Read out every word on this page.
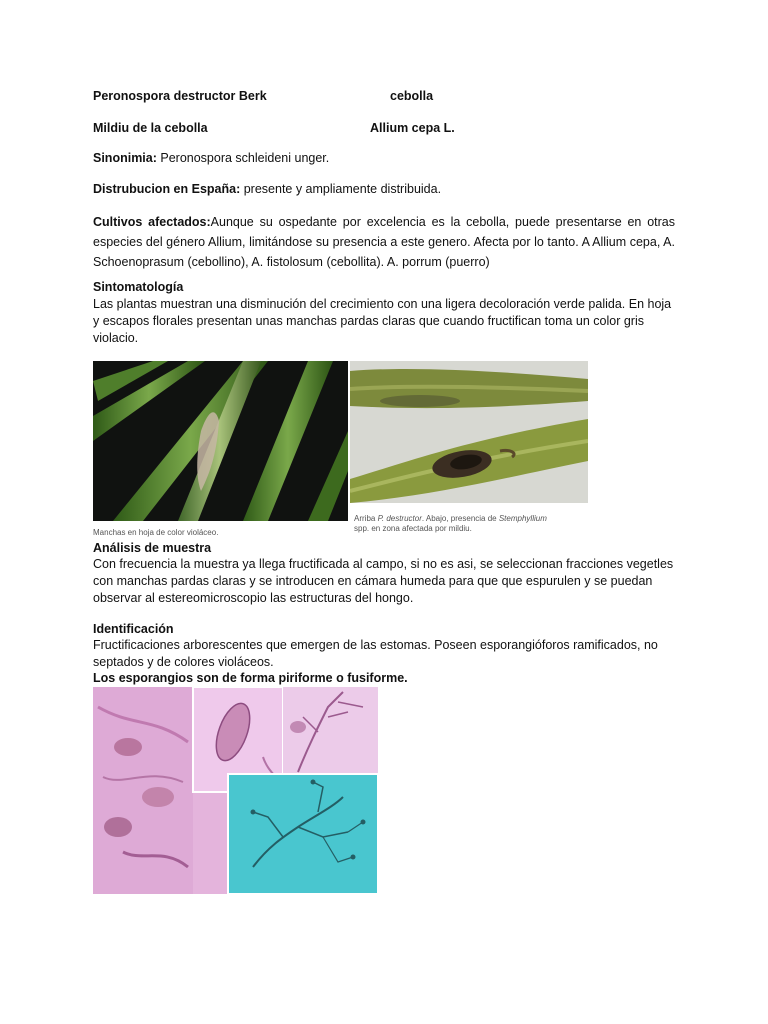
Peronospora destructor Berk	cebolla
Mildiu de la cebolla	Allium cepa L.
Sinonimia: Peronospora schleideni unger.
Distrubucion en España: presente y ampliamente distribuida.
Cultivos afectados:Aunque su ospedante por excelencia es la cebolla, puede presentarse en otras especies del género Allium, limitándose su presencia a este genero. Afecta por lo tanto. A Allium cepa, A. Schoenoprasum (cebollino), A. fistolosum (cebollita). A. porrum (puerro)
Sintomatología
Las plantas muestran una disminución del crecimiento con una ligera decoloración verde palida. En hoja y escapos florales presentan unas manchas pardas claras que cuando fructifican toma un color gris violacio.
Manchas en hoja de color violáceo.
Arriba P. destructor. Abajo, presencia de Stemphyllium
spp. en zona afectada por mildiu.
Análisis de muestra
Con frecuencia la muestra ya llega fructificada al campo, si no es asi, se seleccionan fracciones vegetles con manchas pardas claras y se introducen en cámara humeda para que que espurulen y se puedan observar al estereomicroscopio las estructuras del hongo.
Identificación
Fructificaciones arborescentes que emergen de las estomas. Poseen esporangióforos ramificados, no septados y de colores violáceos.
Los esporangios son de forma piriforme o fusiforme.
